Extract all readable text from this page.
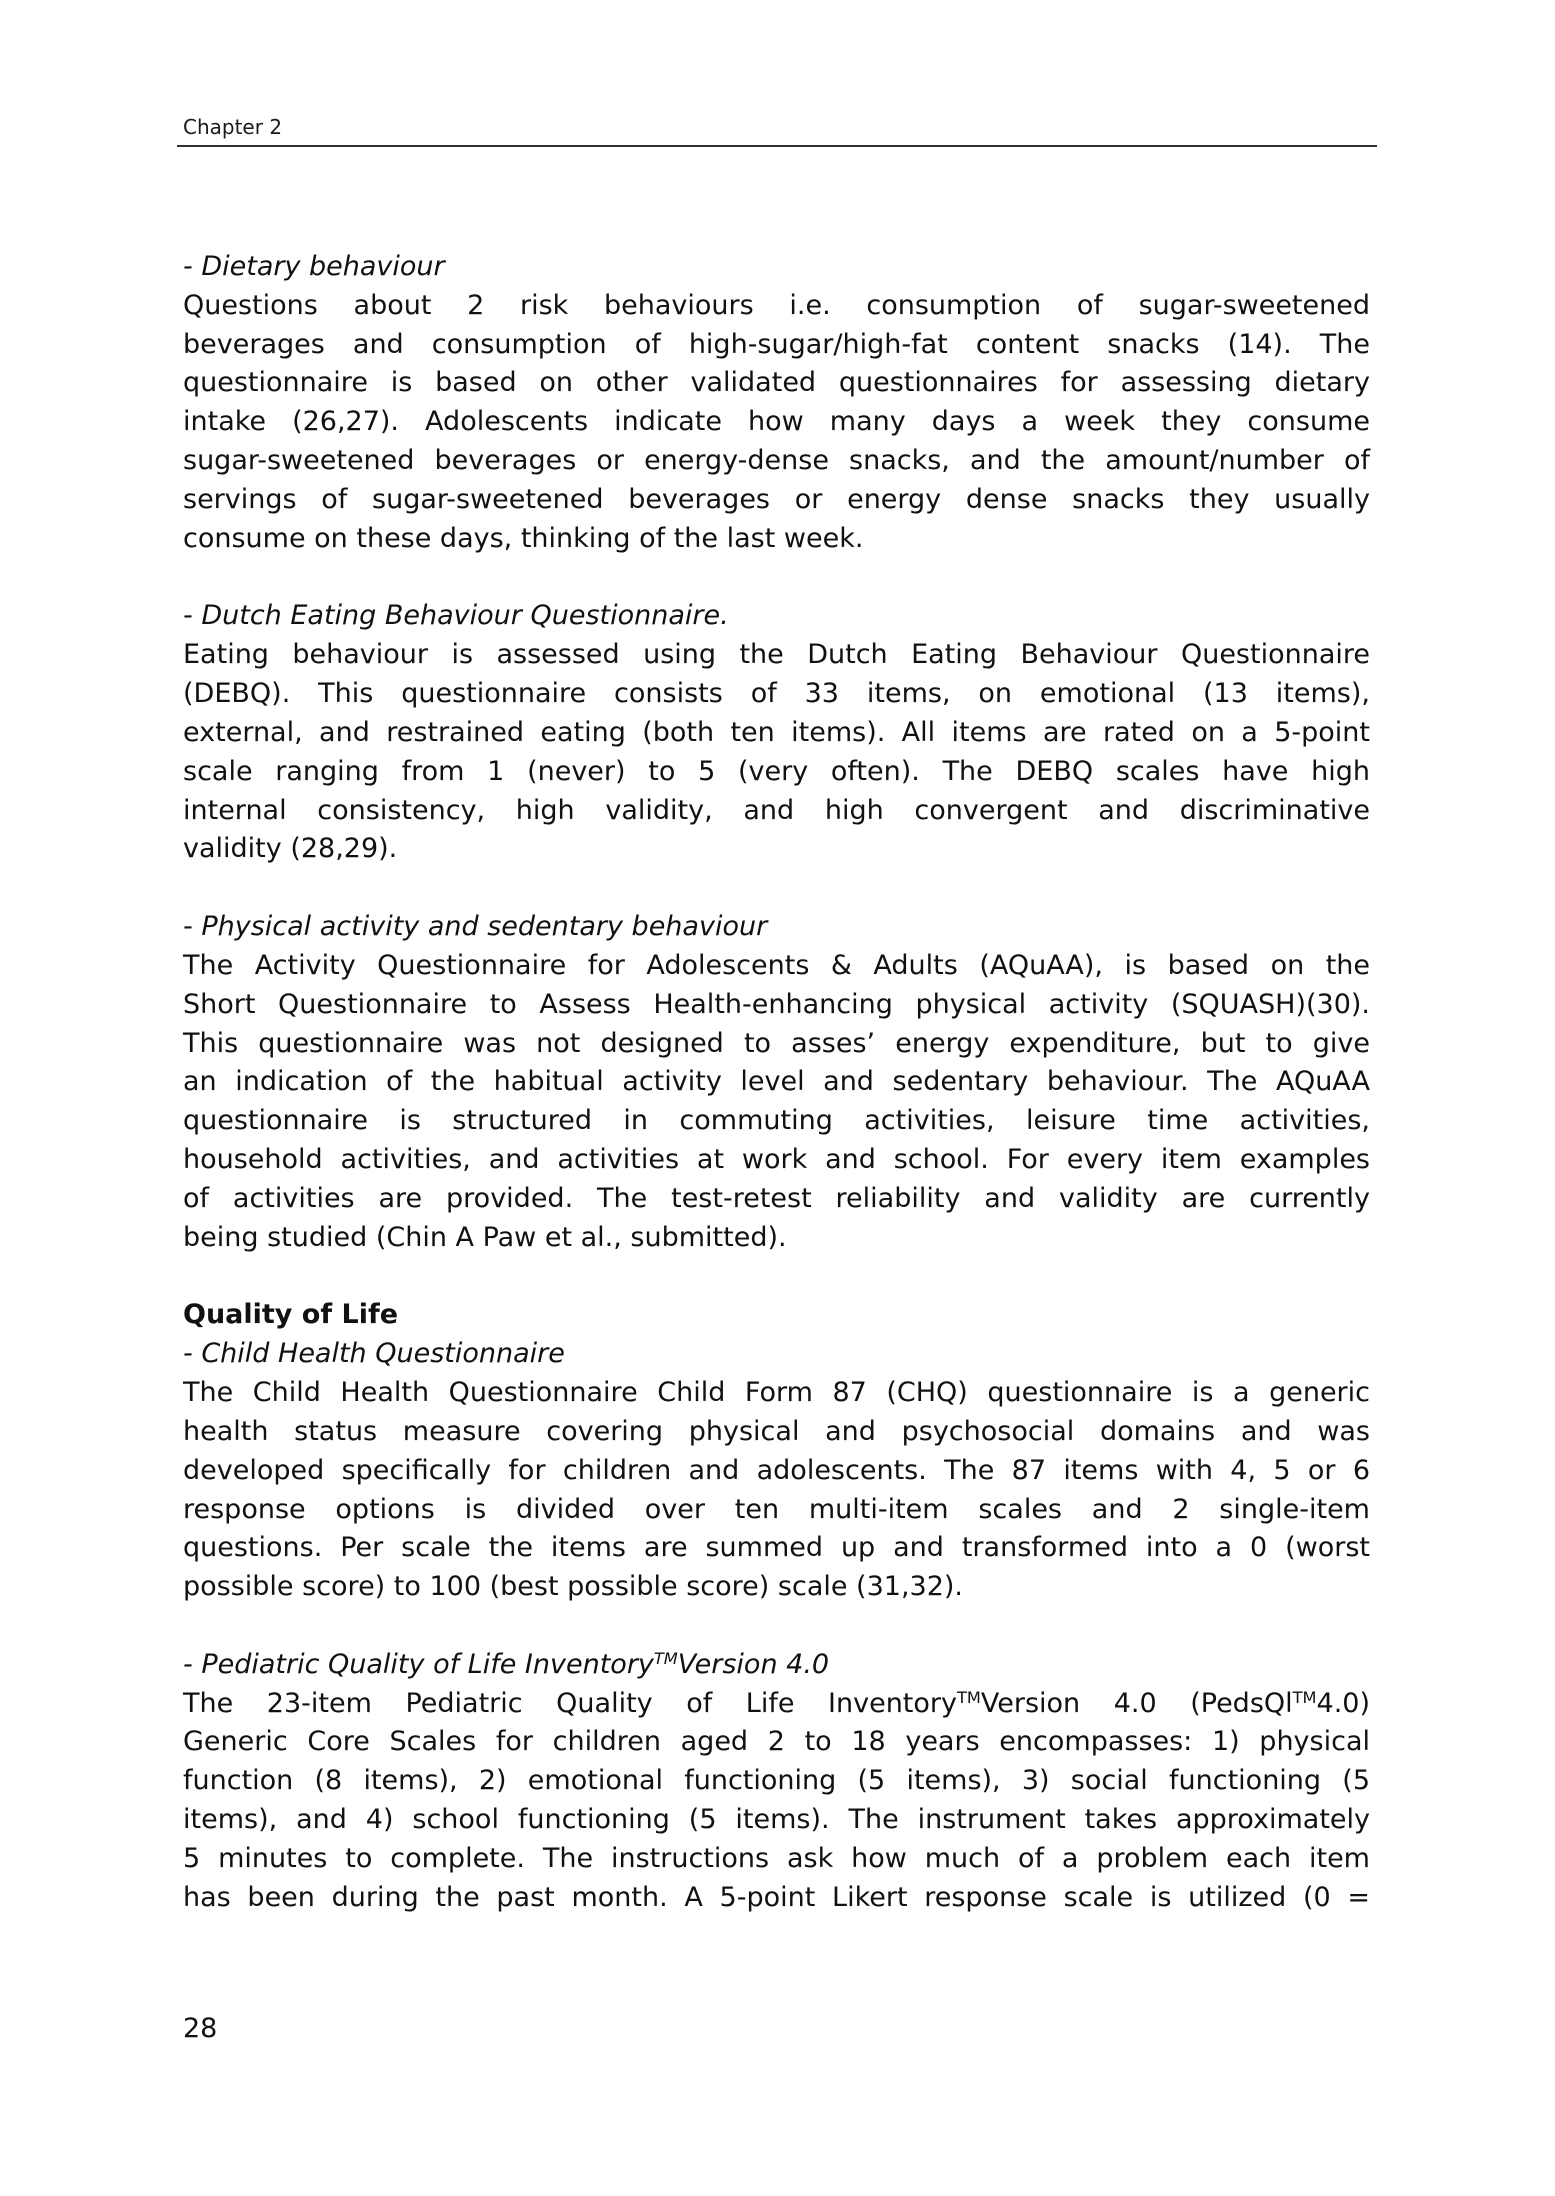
Chapter 2
- Dietary behaviour
Questions about 2 risk behaviours i.e. consumption of sugar-sweetened
beverages and consumption of high-sugar/high-fat content snacks (14). The
questionnaire is based on other validated questionnaires for assessing dietary
intake (26,27). Adolescents indicate how many days a week they consume
sugar-sweetened beverages or energy-dense snacks, and the amount/number of
servings of sugar-sweetened beverages or energy dense snacks they usually
consume on these days, thinking of the last week.
- Dutch Eating Behaviour Questionnaire.
Eating behaviour is assessed using the Dutch Eating Behaviour Questionnaire
(DEBQ). This questionnaire consists of 33 items, on emotional (13 items),
external, and restrained eating (both ten items). All items are rated on a 5-point
scale ranging from 1 (never) to 5 (very often). The DEBQ scales have high
internal consistency, high validity, and high convergent and discriminative
validity (28,29).
- Physical activity and sedentary behaviour
The Activity Questionnaire for Adolescents & Adults (AQuAA), is based on the
Short Questionnaire to Assess Health-enhancing physical activity (SQUASH)(30).
This questionnaire was not designed to asses’ energy expenditure, but to give
an indication of the habitual activity level and sedentary behaviour. The AQuAA
questionnaire is structured in commuting activities, leisure time activities,
household activities, and activities at work and school. For every item examples
of activities are provided. The test-retest reliability and validity are currently
being studied (Chin A Paw et al., submitted).
Quality of Life
- Child Health Questionnaire
The Child Health Questionnaire Child Form 87 (CHQ) questionnaire is a generic
health status measure covering physical and psychosocial domains and was
developed specifically for children and adolescents. The 87 items with 4, 5 or 6
response options is divided over ten multi-item scales and 2 single-item
questions. Per scale the items are summed up and transformed into a 0 (worst
possible score) to 100 (best possible score) scale (31,32).
- Pediatric Quality of Life Inventory™Version 4.0
The 23-item Pediatric Quality of Life Inventory™Version 4.0 (PedsQl™4.0)
Generic Core Scales for children aged 2 to 18 years encompasses: 1) physical
function (8 items), 2) emotional functioning (5 items), 3) social functioning (5
items), and 4) school functioning (5 items). The instrument takes approximately
5 minutes to complete. The instructions ask how much of a problem each item
has been during the past month. A 5-point Likert response scale is utilized (0 =
28
